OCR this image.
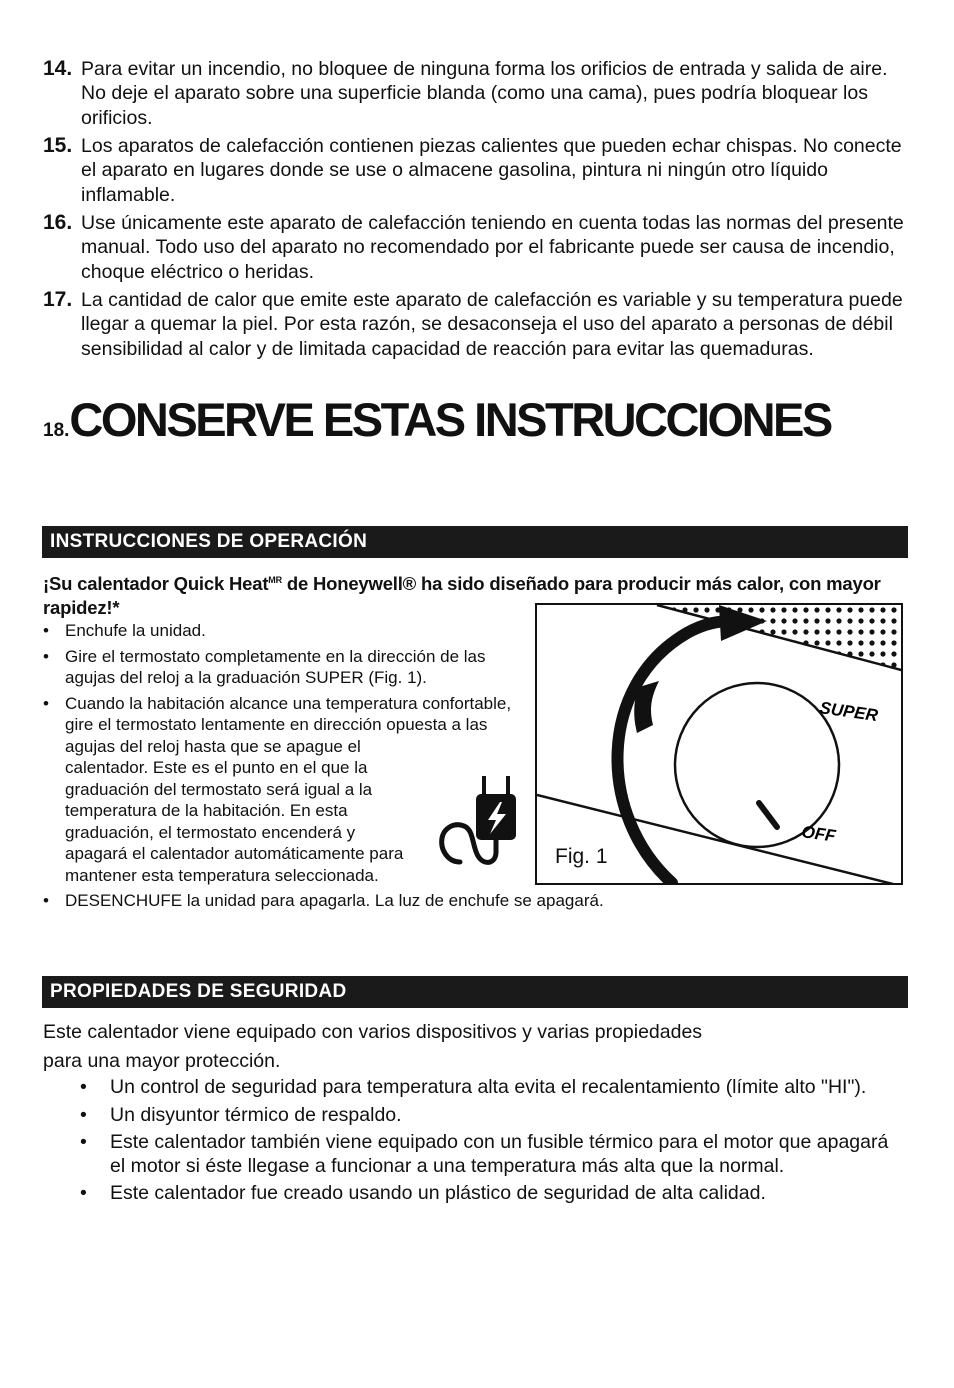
14. Para evitar un incendio, no bloquee de ninguna forma los orificios de entrada y salida de aire. No deje el aparato sobre una superficie blanda (como una cama), pues podría bloquear los orificios.
15. Los aparatos de calefacción contienen piezas calientes que pueden echar chispas. No conecte el aparato en lugares donde se use o almacene gasolina, pintura ni ningún otro líquido inflamable.
16. Use únicamente este aparato de calefacción teniendo en cuenta todas las normas del presente manual. Todo uso del aparato no recomendado por el fabricante puede ser causa de incendio, choque eléctrico o heridas.
17. La cantidad de calor que emite este aparato de calefacción es variable y su temperatura puede llegar a quemar la piel. Por esta razón, se desaconseja el uso del aparato a personas de débil sensibilidad al calor y de limitada capacidad de reacción para evitar las quemaduras.
18.CONSERVE ESTAS INSTRUCCIONES
INSTRUCCIONES DE OPERACIÓN
¡Su calentador Quick Heat$^{MR}$ de Honeywell® ha sido diseñado para producir más calor, con mayor rapidez!*
• Enchufe la unidad.
• Gire el termostato completamente en la dirección de las agujas del reloj a la graduación SUPER (Fig. 1).
• Cuando la habitación alcance una temperatura confortable, gire el termostato lentamente en dirección opuesta a las agujas del reloj hasta que se apague el
calentador. Este es el punto en el que la graduación del termostato será igual a la temperatura de la habitación. En esta graduación, el termostato encenderá y apagará el calentador automáticamente para mantener esta temperatura seleccionada.
• DESENCHUFE la unidad para apagarla. La luz de enchufe se apagará.
SUPER
OFF
Fig. 1
PROPIEDADES DE SEGURIDAD
Este calentador viene equipado con varios dispositivos y varias propiedades
para una mayor protección.
• Un control de seguridad para temperatura alta evita el recalentamiento (límite alto "HI").
• Un disyuntor térmico de respaldo.
• Este calentador también viene equipado con un fusible térmico para el motor que apagará el motor si éste llegase a funcionar a una temperatura más alta que la normal.
• Este calentador fue creado usando un plástico de seguridad de alta calidad.
